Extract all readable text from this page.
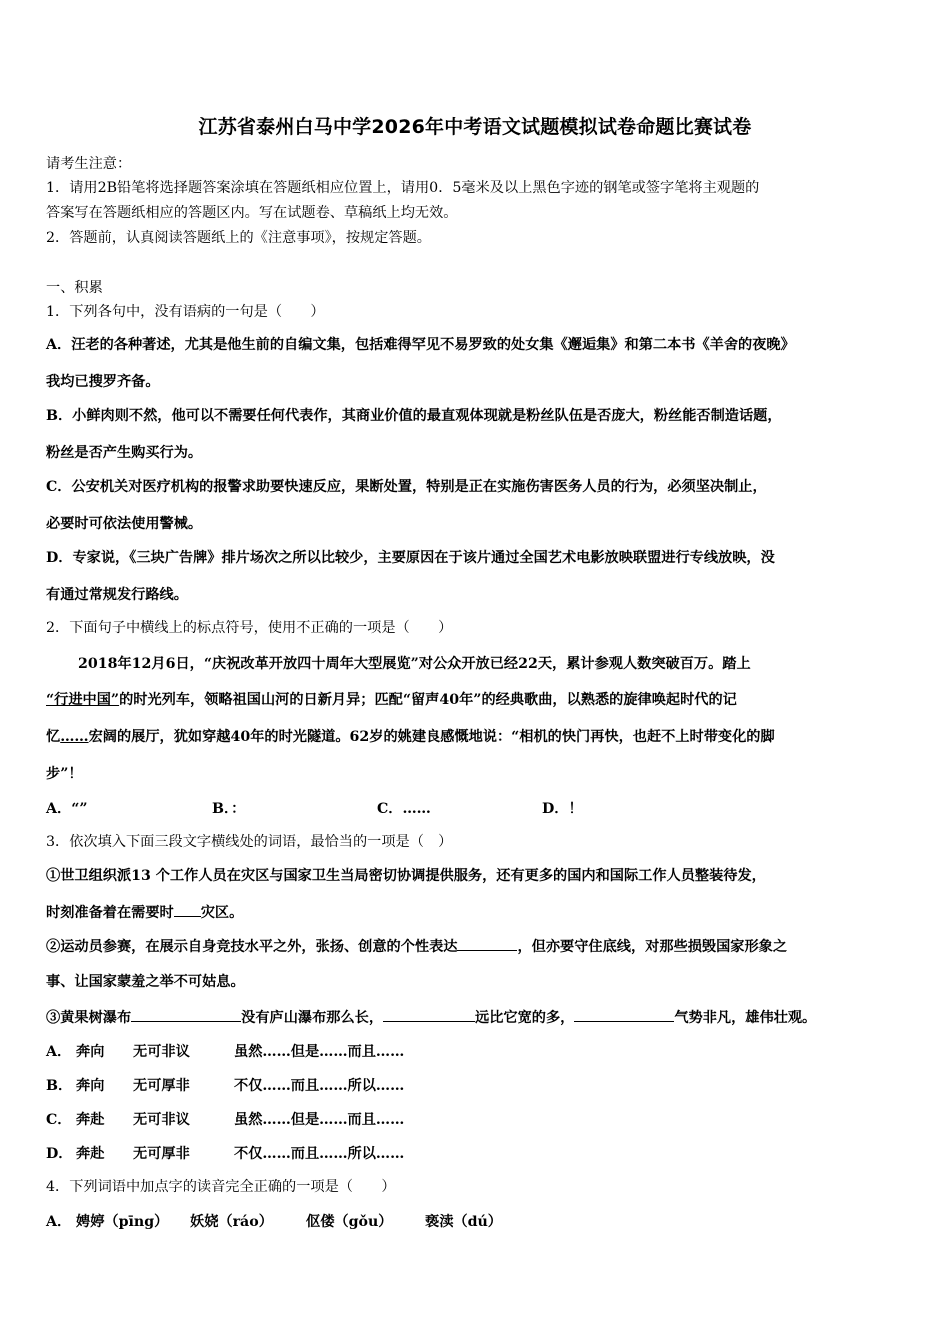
江苏省泰州白马中学2026年中考语文试题模拟试卷命题比赛试卷
请考生注意：
1．请用2B铅笔将选择题答案涂填在答题纸相应位置上，请用0．5毫米及以上黑色字迹的钢笔或签字笔将主观题的
答案写在答题纸相应的答题区内。写在试题卷、草稿纸上均无效。
2．答题前，认真阅读答题纸上的《注意事项》，按规定答题。
一、积累
1．下列各句中，没有语病的一句是（　　）
A．汪老的各种著述，尤其是他生前的自编文集，包括难得罕见不易罗致的处女集《邂逅集》和第二本书《羊舍的夜晚》
我均已搜罗齐备。
B．小鲜肉则不然，他可以不需要任何代表作，其商业价值的最直观体现就是粉丝队伍是否庞大，粉丝能否制造话题，
粉丝是否产生购买行为。
C．公安机关对医疗机构的报警求助要快速反应，果断处置，特别是正在实施伤害医务人员的行为，必须坚决制止，
必要时可依法使用警械。
D．专家说，《三块广告牌》排片场次之所以比较少，主要原因在于该片通过全国艺术电影放映联盟进行专线放映，没
有通过常规发行路线。
2．下面句子中横线上的标点符号，使用不正确的一项是（　　）
2018年12月6日，“庆祝改革开放四十周年大型展览”对公众开放已经22天，累计参观人数突破百万。踏上
“行进中国”的时光列车，领略祖国山河的日新月异；匹配“留声40年”的经典歌曲，以熟悉的旋律唤起时代的记
忆……宏阔的展厅，犹如穿越40年的时光隧道。62岁的姚建良感慨地说：“相机的快门再快，也赶不上时带变化的脚
步”！
A．“”	B．：	C．……	D．！
3．依次填入下面三段文字横线处的词语，最恰当的一项是（　）
①世卫组织派13 个工作人员在灾区与国家卫生当局密切协调提供服务，还有更多的国内和国际工作人员整装待发，
时刻准备着在需要时 灾区。
②运动员参赛，在展示自身竞技水平之外，张扬、创意的个性表达	，但亦要守住底线，对那些损毁国家形象之
事、让国家蒙羞之举不可姑息。
③黄果树瀑布	没有庐山瀑布那么长，	远比它宽的多，	气势非凡，雄伟壮观。
A． 奔向 无可非议	虽然……但是……而且……
B． 奔向 无可厚非	不仅……而且……所以……
C． 奔赴 无可非议	虽然……但是……而且……
D． 奔赴 无可厚非	不仅……而且……所以……
4．下列词语中加点字的读音完全正确的一项是（　　）
A． 娉婷（pīng） 妖娆（ráo） 伛偻（gǒu） 亵渎（dú）
